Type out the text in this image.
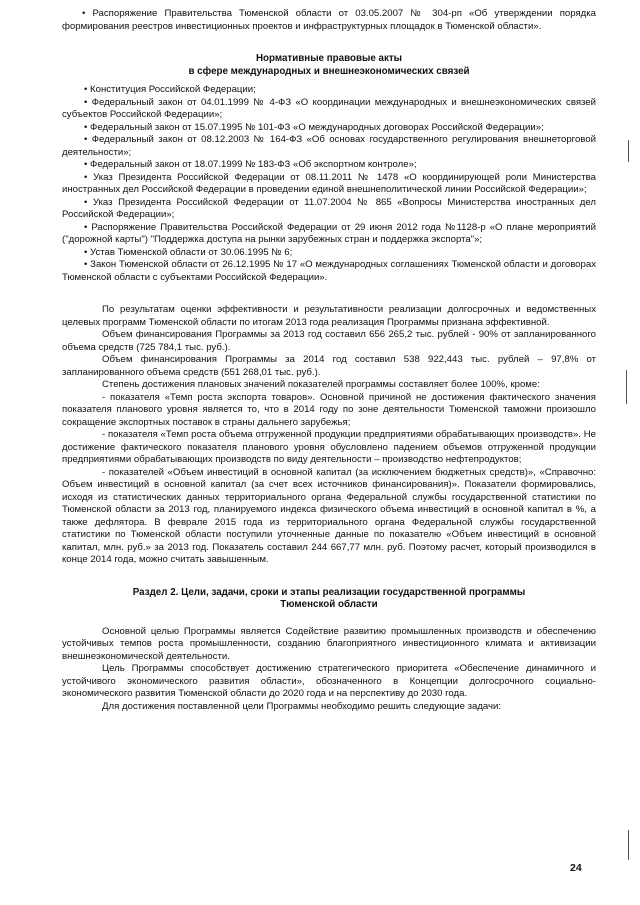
• Распоряжение Правительства Тюменской области от 03.05.2007 № 304-рп «Об утверждении порядка формирования реестров инвестиционных проектов и инфраструктурных площадок в Тюменской области».

Нормативные правовые акты

в сфере международных и внешнеэкономических связей

• Конституция Российской Федерации;

• Федеральный закон от 04.01.1999 № 4-ФЗ «О координации международных и внешнеэкономических связей субъектов Российской Федерации»;

• Федеральный закон от 15.07.1995 № 101-ФЗ «О международных договорах Российской Федерации»;

• Федеральный закон от 08.12.2003 № 164-ФЗ «Об основах государственного регулирования внешнеторговой деятельности»;

• Федеральный закон от 18.07.1999 № 183-ФЗ «Об экспортном контроле»;

• Указ Президента Российской Федерации от 08.11.2011 № 1478 «О координирующей роли Министерства иностранных дел Российской Федерации в проведении единой внешнеполитической линии Российской Федерации»;

• Указ Президента Российской Федерации от 11.07.2004 № 865 «Вопросы Министерства иностранных дел Российской Федерации»;

• Распоряжение Правительства Российской Федерации от 29 июня 2012 года №1128-р «О плане мероприятий ("дорожной карты") "Поддержка доступа на рынки зарубежных стран и поддержка экспорта"»;

• Устав Тюменской области от 30.06.1995 № 6;

• Закон Тюменской области от 26.12.1995 № 17 «О международных соглашениях Тюменской области и договорах Тюменской области с субъектами Российской Федерации».

По результатам оценки эффективности и результативности реализации долгосрочных и ведомственных целевых программ Тюменской области по итогам 2013 года реализация Программы признана эффективной.

Объем финансирования Программы за 2013 год составил 656 265,2 тыс. рублей - 90% от запланированного объема средств (725 784,1 тыс. руб.).

Объем финансирования Программы за 2014 год составил 538 922,443 тыс. рублей – 97,8% от запланированного объема средств (551 268,01 тыс. руб.).

Степень достижения плановых значений показателей программы составляет более 100%, кроме:

- показателя «Темп роста экспорта товаров». Основной причиной не достижения фактического значения показателя планового уровня является то, что в 2014 году по зоне деятельности Тюменской таможни произошло сокращение экспортных поставок в страны дальнего зарубежья;

- показателя «Темп роста объема отгруженной продукции предприятиями обрабатывающих производств». Не достижение фактического показателя планового уровня обусловлено падением объемов отгруженной продукции предприятиями обрабатывающих производств по виду деятельности – производство нефтепродуктов;

- показателей «Объем инвестиций в основной капитал (за исключением бюджетных средств)», «Справочно: Объем инвестиций в основной капитал (за счет всех источников финансирования)». Показатели формировались, исходя из статистических данных территориального органа Федеральной службы государственной статистики по Тюменской области за 2013 год, планируемого индекса физического объема инвестиций в основной капитал в %, а также дефлятора. В феврале 2015 года из территориального органа Федеральной службы государственной статистики по Тюменской области поступили уточненные данные по показателю «Объем инвестиций в основной капитал, млн. руб.» за 2013 год. Показатель составил 244 667,77 млн. руб. Поэтому расчет, который производился в конце 2014 года, можно считать завышенным.

Раздел 2. Цели, задачи, сроки и этапы реализации государственной программы

Тюменской области

Основной целью Программы является Содействие развитию промышленных производств и обеспечению устойчивых темпов роста промышленности, созданию благоприятного инвестиционного климата и активизации внешнеэкономической деятельности.

Цель Программы способствует достижению стратегического приоритета «Обеспечение динамичного и устойчивого экономического развития области», обозначенного в Концепции долгосрочного социально-экономического развития Тюменской области до 2020 года и на перспективу до 2030 года.

Для достижения поставленной цели Программы необходимо решить следующие задачи:

24
